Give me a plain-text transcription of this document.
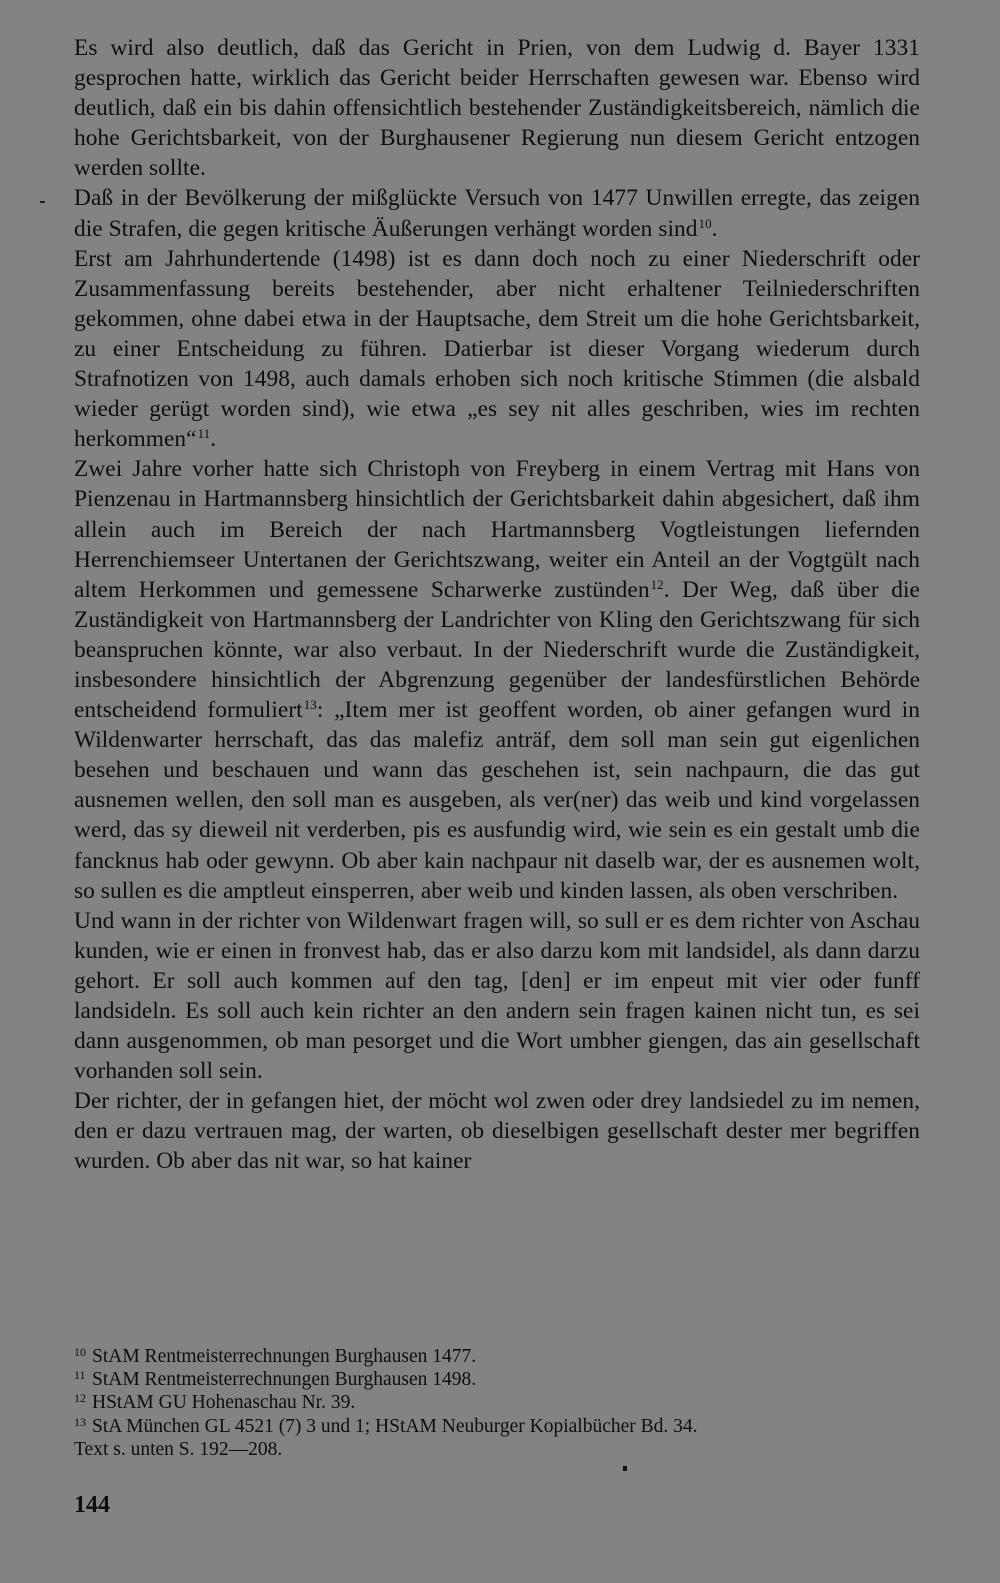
Es wird also deutlich, daß das Gericht in Prien, von dem Ludwig d. Bayer 1331 gesprochen hatte, wirklich das Gericht beider Herrschaften gewesen war. Ebenso wird deutlich, daß ein bis dahin offensichtlich bestehender Zuständigkeitsbereich, nämlich die hohe Gerichtsbarkeit, von der Burghausener Regierung nun diesem Gericht entzogen werden sollte.

Daß in der Bevölkerung der mißglückte Versuch von 1477 Unwillen erregte, das zeigen die Strafen, die gegen kritische Äußerungen verhängt worden sind$^{10}$.

Erst am Jahrhundertende (1498) ist es dann doch noch zu einer Niederschrift oder Zusammenfassung bereits bestehender, aber nicht erhaltener Teilniederschriften gekommen, ohne dabei etwa in der Hauptsache, dem Streit um die hohe Gerichtsbarkeit, zu einer Entscheidung zu führen. Datierbar ist dieser Vorgang wiederum durch Strafnotizen von 1498, auch damals erhoben sich noch kritische Stimmen (die alsbald wieder gerügt worden sind), wie etwa „es sey nit alles geschriben, wies im rechten herkommen“$^{11}$.

Zwei Jahre vorher hatte sich Christoph von Freyberg in einem Vertrag mit Hans von Pienzenau in Hartmannsberg hinsichtlich der Gerichtsbarkeit dahin abgesichert, daß ihm allein auch im Bereich der nach Hartmannsberg Vogtleistungen liefernden Herrenchiemseer Untertanen der Gerichtszwang, weiter ein Anteil an der Vogtgült nach altem Herkommen und gemessene Scharwerke zustünden$^{12}$. Der Weg, daß über die Zuständigkeit von Hartmannsberg der Landrichter von Kling den Gerichtszwang für sich beanspruchen könnte, war also verbaut. In der Niederschrift wurde die Zuständigkeit, insbesondere hinsichtlich der Abgrenzung gegenüber der landesfürstlichen Behörde entscheidend formuliert$^{13}$: „Item mer ist geoffent worden, ob ainer gefangen wurd in Wildenwarter herrschaft, das das malefiz anträf, dem soll man sein gut eigenlichen besehen und beschauen und wann das geschehen ist, sein nachpaurn, die das gut ausnemen wellen, den soll man es ausgeben, als ver(ner) das weib und kind vorgelassen werd, das sy dieweil nit verderben, pis es ausfundig wird, wie sein es ein gestalt umb die fancknus hab oder gewynn. Ob aber kain nachpaur nit daselb war, der es ausnemen wolt, so sullen es die amptleut einsperren, aber weib und kinden lassen, als oben verschriben.

Und wann in der richter von Wildenwart fragen will, so sull er es dem richter von Aschau kunden, wie er einen in fronvest hab, das er also darzu kom mit landsidel, als dann darzu gehort. Er soll auch kommen auf den tag, [den] er im enpeut mit vier oder funff landsideln. Es soll auch kein richter an den andern sein fragen kainen nicht tun, es sei dann ausgenommen, ob man pesorget und die Wort umbher giengen, das ain gesellschaft vorhanden soll sein.

Der richter, der in gefangen hiet, der möcht wol zwen oder drey landsiedel zu im nemen, den er dazu vertrauen mag, der warten, ob dieselbigen gesellschaft dester mer begriffen wurden. Ob aber das nit war, so hat kainer

10 StAM Rentmeisterrechnungen Burghausen 1477.

11 StAM Rentmeisterrechnungen Burghausen 1498.

12 HStAM GU Hohenaschau Nr. 39.

13 StA München GL 4521 (7) 3 und 1; HStAM Neuburger Kopialbücher Bd. 34.

Text s. unten S. 192—208.

144
